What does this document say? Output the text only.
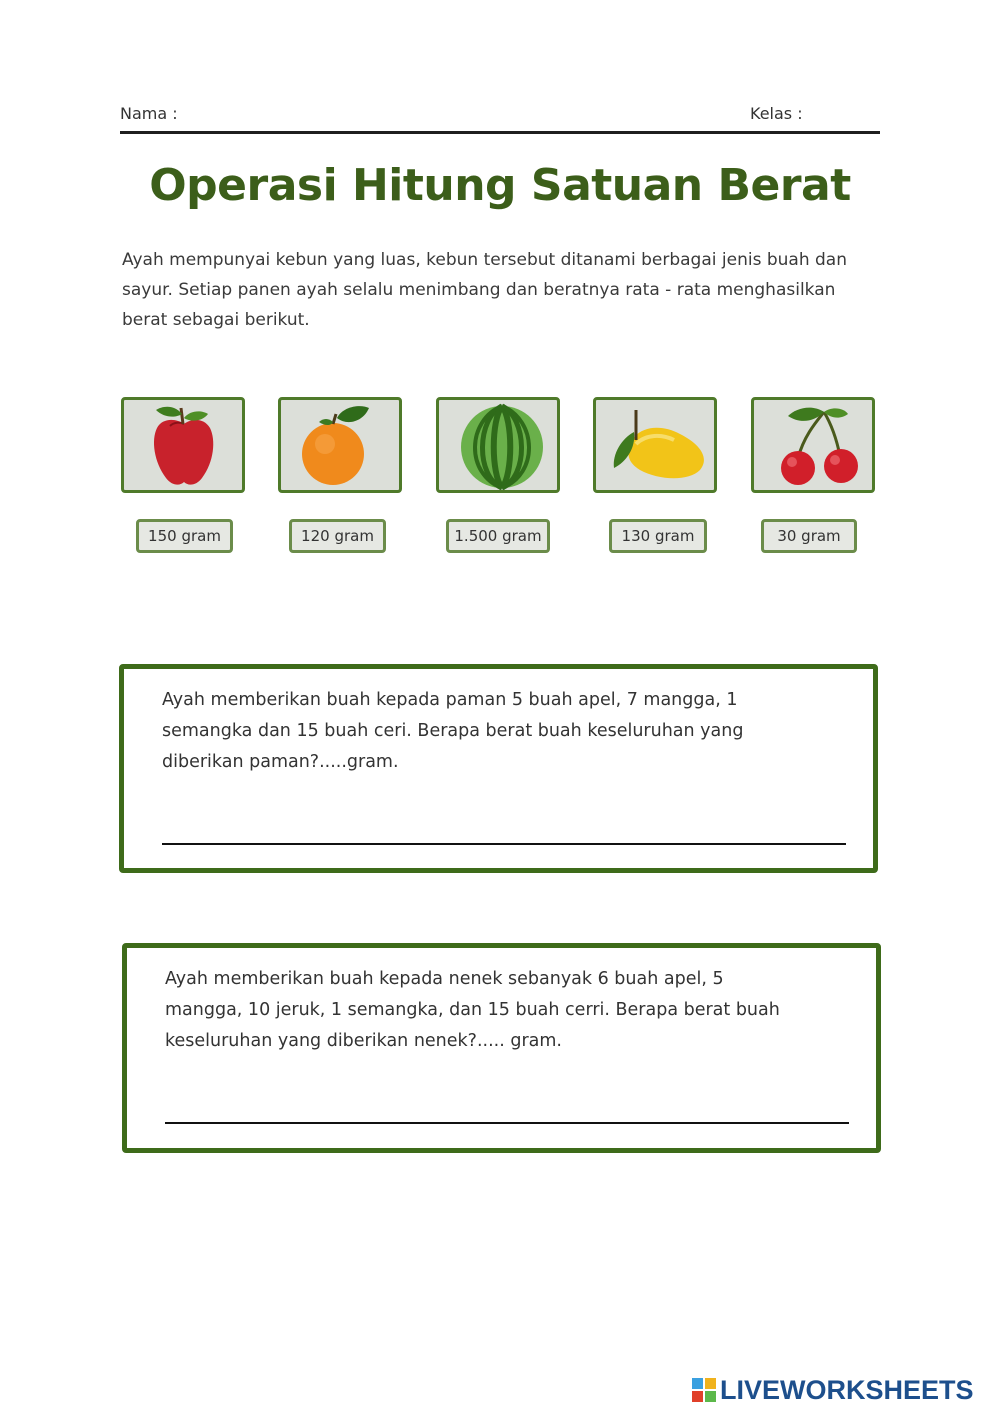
Nama :	Kelas :
Operasi Hitung Satuan Berat
Ayah mempunyai kebun yang luas, kebun tersebut ditanami berbagai jenis buah dan sayur. Setiap panen ayah selalu menimbang dan beratnya rata - rata menghasilkan berat sebagai berikut.
150 gram	120 gram	1.500 gram	130 gram	30 gram
Ayah memberikan buah kepada paman 5 buah apel, 7 mangga, 1
semangka dan 15 buah ceri. Berapa berat buah keseluruhan yang
diberikan paman?.....gram.
Ayah memberikan buah kepada nenek sebanyak 6 buah apel, 5
mangga, 10 jeruk, 1 semangka, dan 15 buah cerri. Berapa berat buah
keseluruhan yang diberikan nenek?..... gram.
LIVEWORKSHEETS
